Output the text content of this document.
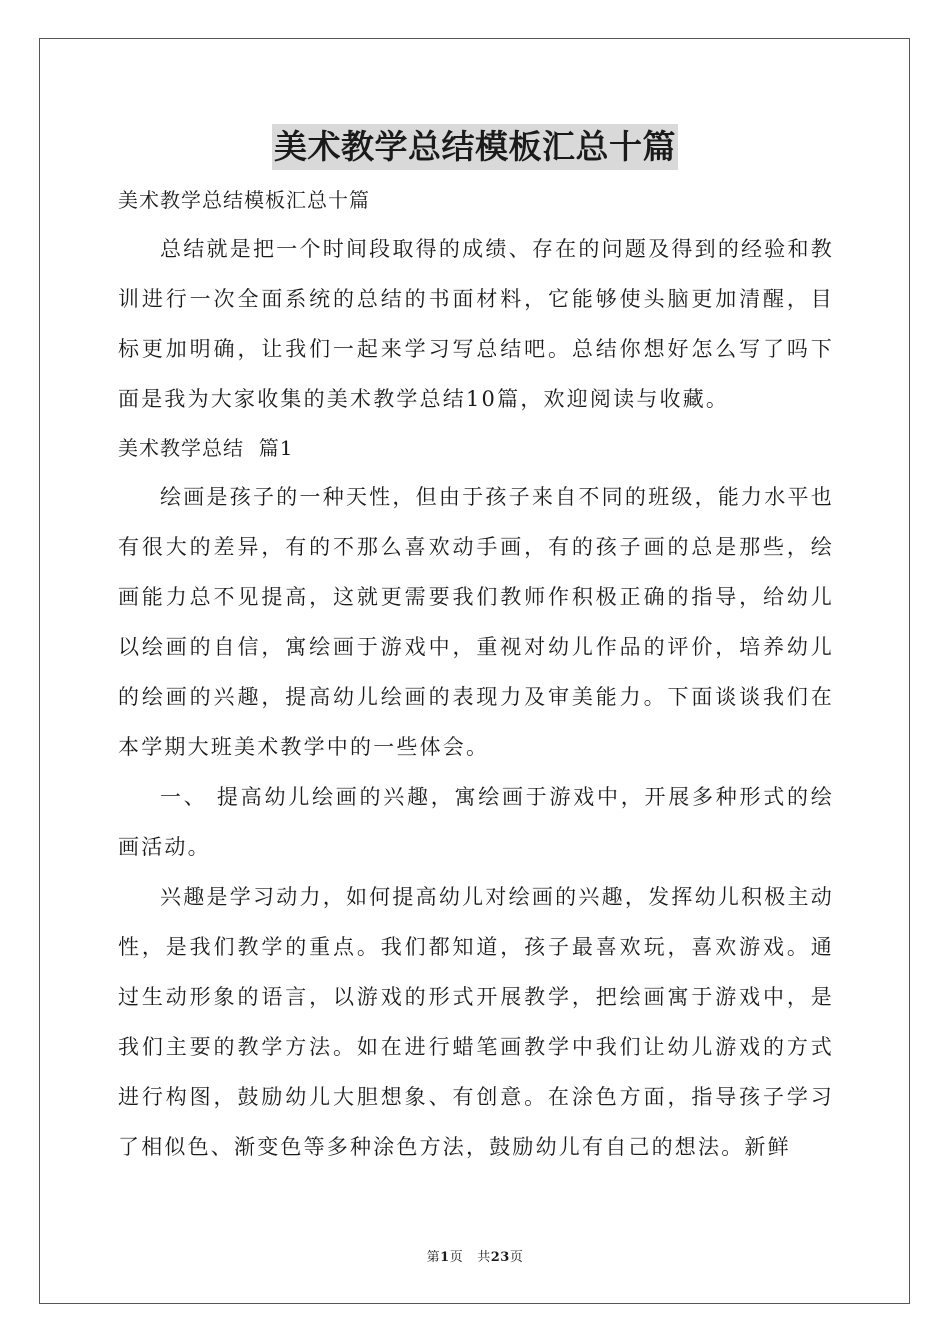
美术教学总结模板汇总十篇

美术教学总结模板汇总十篇

总结就是把一个时间段取得的成绩、存在的问题及得到的经验和教训进行一次全面系统的总结的书面材料，它能够使头脑更加清醒，目标更加明确，让我们一起来学习写总结吧。总结你想好怎么写了吗下面是我为大家收集的美术教学总结10篇，欢迎阅读与收藏。

美术教学总结  篇1

绘画是孩子的一种天性，但由于孩子来自不同的班级，能力水平也有很大的差异，有的不那么喜欢动手画，有的孩子画的总是那些，绘画能力总不见提高，这就更需要我们教师作积极正确的指导，给幼儿以绘画的自信，寓绘画于游戏中，重视对幼儿作品的评价，培养幼儿的绘画的兴趣，提高幼儿绘画的表现力及审美能力。下面谈谈我们在本学期大班美术教学中的一些体会。

一、 提高幼儿绘画的兴趣，寓绘画于游戏中，开展多种形式的绘画活动。

兴趣是学习动力，如何提高幼儿对绘画的兴趣，发挥幼儿积极主动性，是我们教学的重点。我们都知道，孩子最喜欢玩，喜欢游戏。通过生动形象的语言，以游戏的形式开展教学，把绘画寓于游戏中，是我们主要的教学方法。如在进行蜡笔画教学中我们让幼儿游戏的方式进行构图，鼓励幼儿大胆想象、有创意。在涂色方面，指导孩子学习了相似色、渐变色等多种涂色方法，鼓励幼儿有自己的想法。新鲜

第1页 共23页
